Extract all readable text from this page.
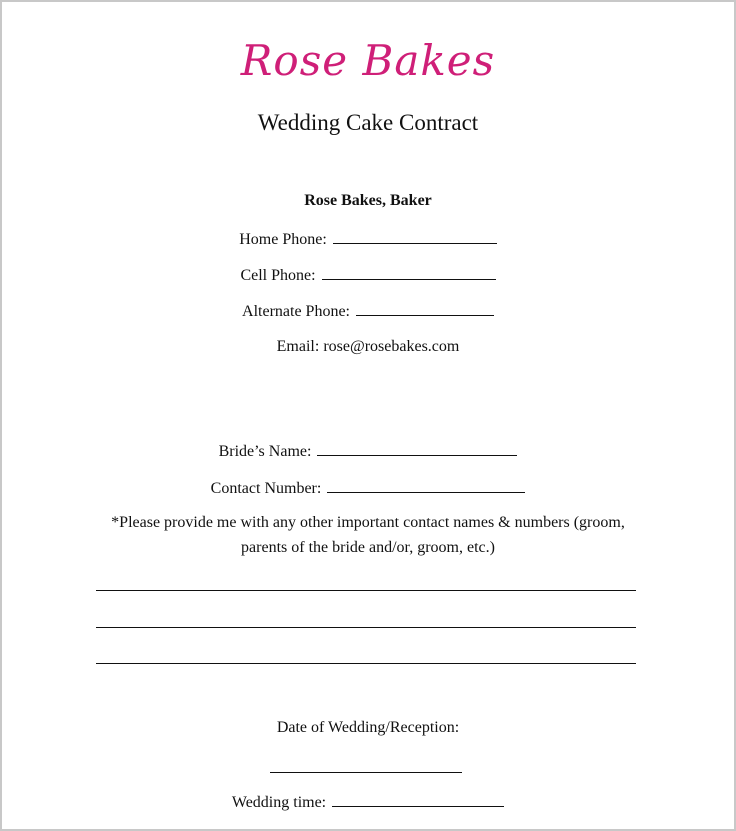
Rose Bakes
Wedding Cake Contract
Rose Bakes, Baker
Home Phone:
Cell Phone:
Alternate Phone:
Email: rose@rosebakes.com
Bride’s Name:
Contact Number:
*Please provide me with any other important contact names & numbers (groom,
parents of the bride and/or, groom, etc.)
Date of Wedding/Reception:
Wedding time:
